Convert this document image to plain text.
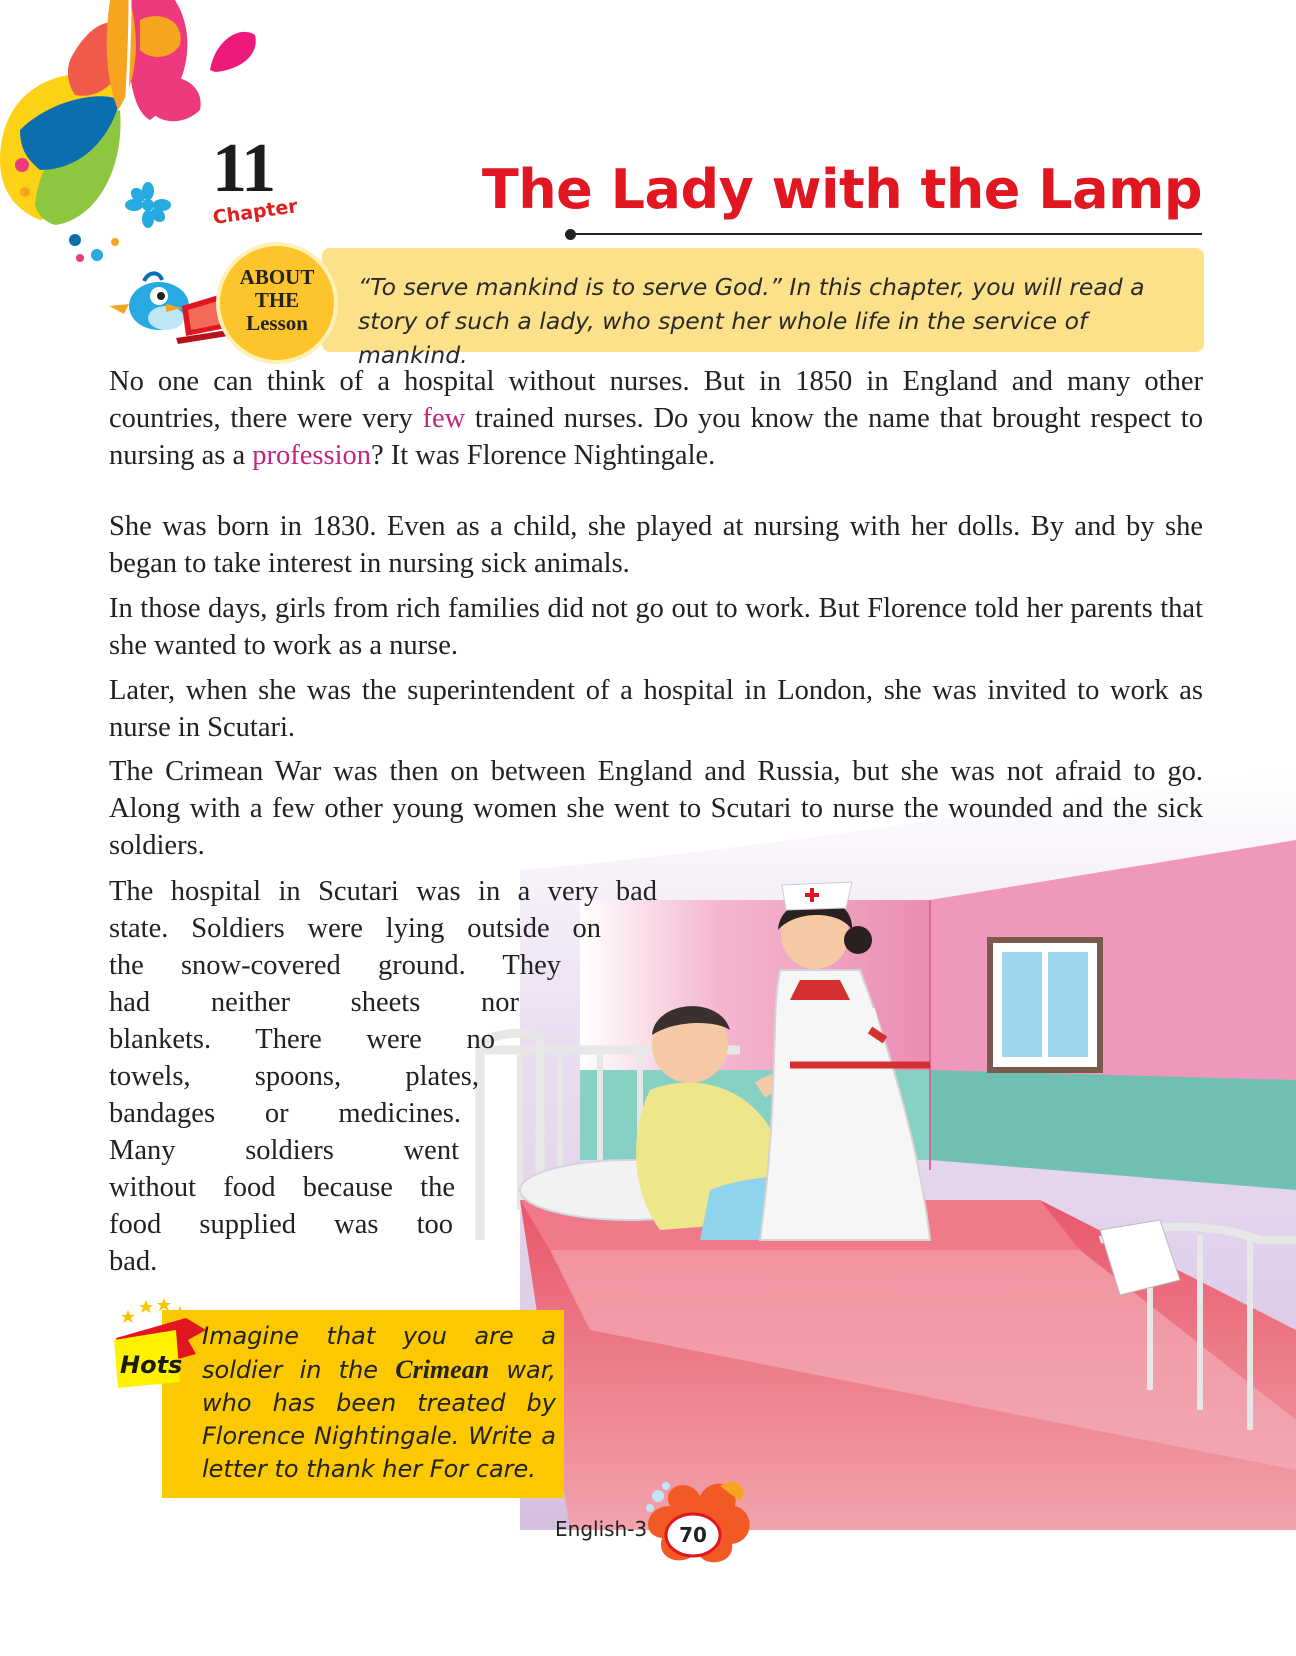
11
Chapter	The Lady with the Lamp

“To serve mankind is to serve God.” In this chapter, you will read a story of such a lady, who spent her whole life in the service of mankind.

ABOUT
THE
Lesson

No one can think of a hospital without nurses. But in 1850 in England and many other countries, there were very few trained nurses. Do you know the name that brought respect to nursing as a profession? It was Florence Nightingale.

She was born in 1830. Even as a child, she played at nursing with her dolls. By and by she began to take interest in nursing sick animals.

In those days, girls from rich families did not go out to work. But Florence told her parents that she wanted to work as a nurse.

Later, when she was the superintendent of a hospital in London, she was invited to work as nurse in Scutari.

The Crimean War was then on between England and Russia, but she was not afraid to go. Along with a few other young women she went to Scutari to nurse the wounded and the sick soldiers.

The hospital in Scutari was in a very bad
state. Soldiers were lying outside on
the snow-covered ground. They
had neither sheets nor
blankets. There were no
towels, spoons, plates,
bandages or medicines.
Many soldiers went
without food because the
food supplied was too
bad.

Imagine that you are a soldier in the Crimean war, who has been treated by Florence Nightingale. Write a letter to thank her For care.

Hots
English-3	70
